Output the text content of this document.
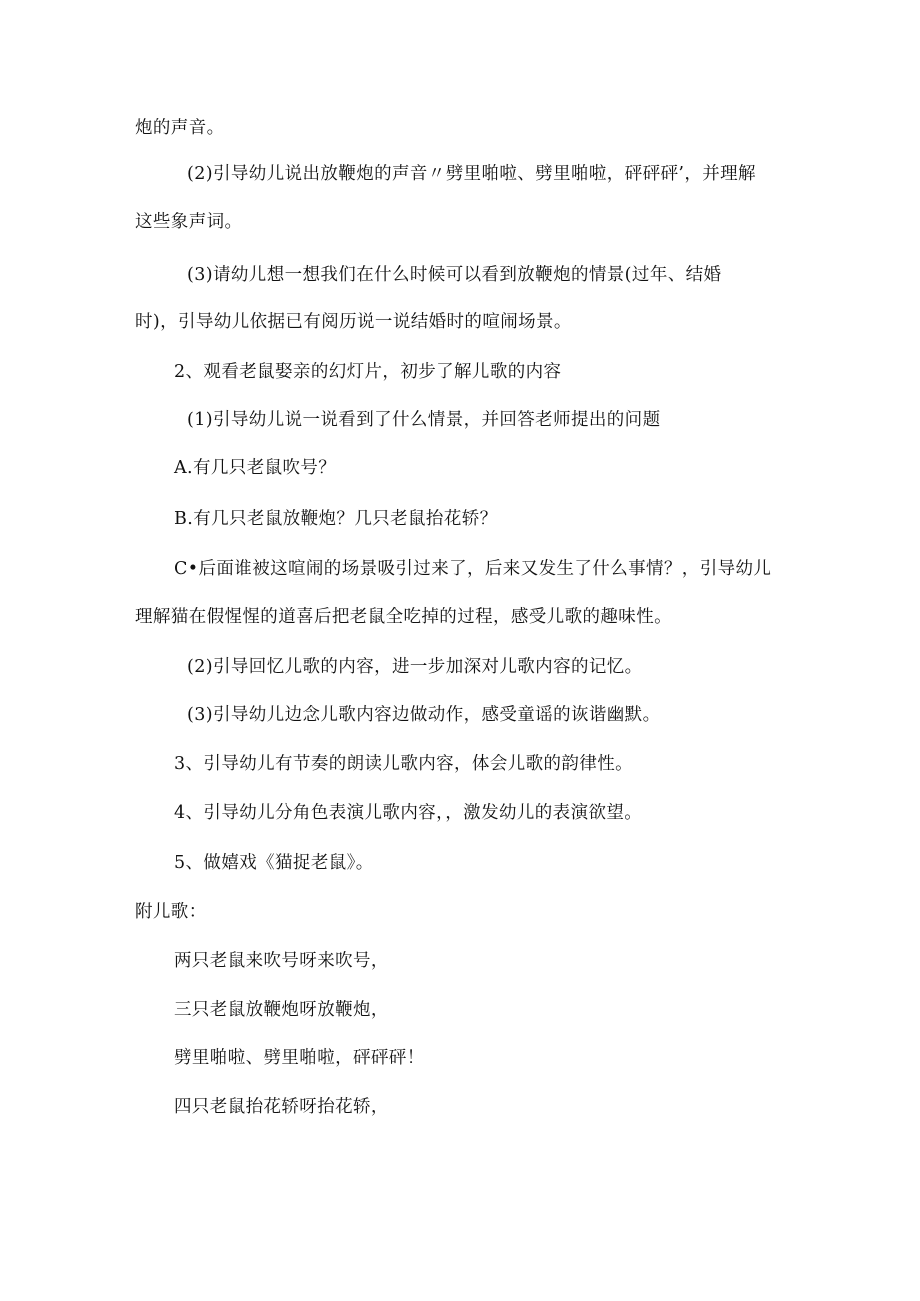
炮的声音。
(2)引导幼儿说出放鞭炮的声音〃劈里啪啦、劈里啪啦，砰砰砰’，并理解
这些象声词。
(3)请幼儿想一想我们在什么时候可以看到放鞭炮的情景(过年、结婚
时)，引导幼儿依据已有阅历说一说结婚时的喧闹场景。
2、观看老鼠娶亲的幻灯片，初步了解儿歌的内容
(1)引导幼儿说一说看到了什么情景，并回答老师提出的问题
A.有几只老鼠吹号？
B.有几只老鼠放鞭炮？几只老鼠抬花轿？
C•后面谁被这喧闹的场景吸引过来了，后来又发生了什么事情？，引导幼儿
理解猫在假惺惺的道喜后把老鼠全吃掉的过程，感受儿歌的趣味性。
(2)引导回忆儿歌的内容，进一步加深对儿歌内容的记忆。
(3)引导幼儿边念儿歌内容边做动作，感受童谣的诙谐幽默。
3、引导幼儿有节奏的朗读儿歌内容，体会儿歌的韵律性。
4、引导幼儿分角色表演儿歌内容，，激发幼儿的表演欲望。
5、做嬉戏《猫捉老鼠》。
附儿歌：
两只老鼠来吹号呀来吹号，
三只老鼠放鞭炮呀放鞭炮，
劈里啪啦、劈里啪啦，砰砰砰！
四只老鼠抬花轿呀抬花轿，
